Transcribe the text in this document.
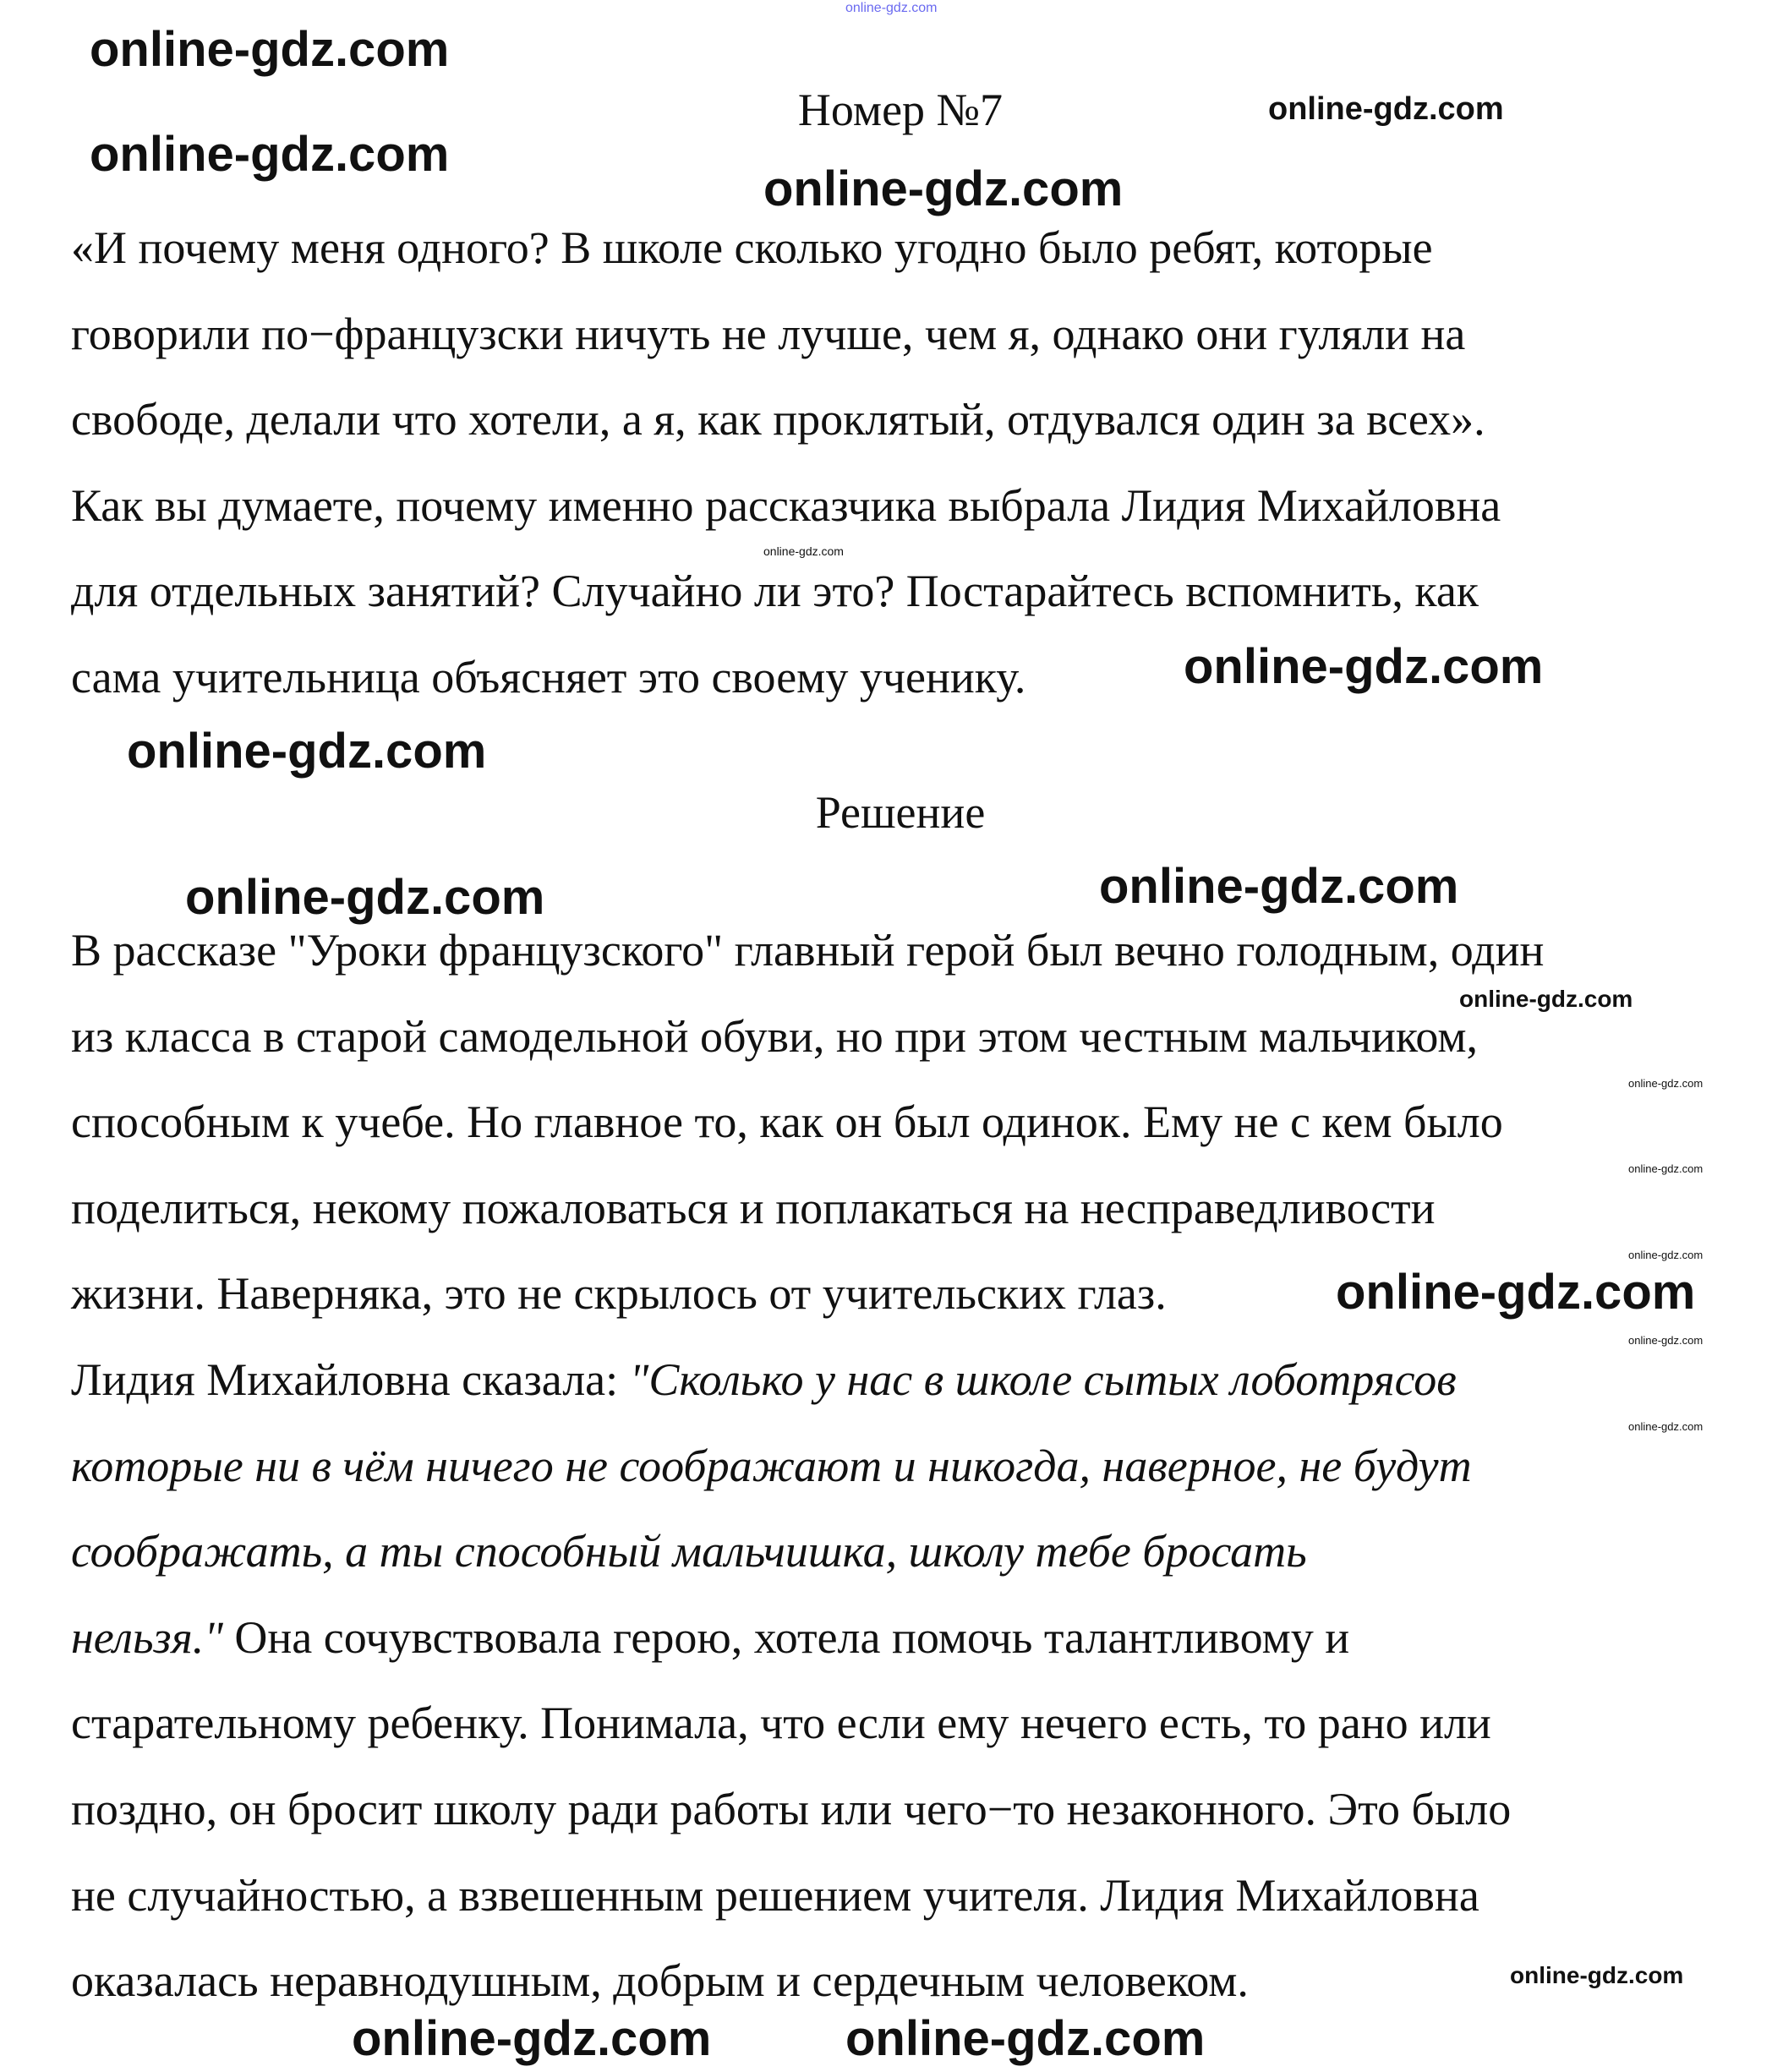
Номер №7
«И почему меня одного? В школе сколько угодно было ребят, которые
говорили по−французски ничуть не лучше, чем я, однако они гуляли на
свободе, делали что хотели, а я, как проклятый, отдувался один за всех».
Как вы думаете, почему именно рассказчика выбрала Лидия Михайловна
для отдельных занятий? Случайно ли это? Постарайтесь вспомнить, как
сама учительница объясняет это своему ученику.
Решение
В рассказе "Уроки французского" главный герой был вечно голодным, один
из класса в старой самодельной обуви, но при этом честным мальчиком,
способным к учебе. Но главное то, как он был одинок. Ему не с кем было
поделиться, некому пожаловаться и поплакаться на несправедливости
жизни. Наверняка, это не скрылось от учительских глаз.
Лидия Михайловна сказала: "Сколько у нас в школе сытых лоботрясов
которые ни в чём ничего не соображают и никогда, наверное, не будут
соображать, а ты способный мальчишка, школу тебе бросать
нельзя." Она сочувствовала герою, хотела помочь талантливому и
старательному ребенку. Понимала, что если ему нечего есть, то рано или
поздно, он бросит школу ради работы или чего−то незаконного. Это было
не случайностью, а взвешенным решением учителя. Лидия Михайловна
оказалась неравнодушным, добрым и сердечным человеком.
online-gdz.com
online-gdz.com
online-gdz.com
online-gdz.com
online-gdz.com
online-gdz.com
online-gdz.com
online-gdz.com
online-gdz.com	online-gdz.com
online-gdz.com
online-gdz.com
online-gdz.com
online-gdz.com
online-gdz.com
online-gdz.com
online-gdz.com
online-gdz.com
online-gdz.com	online-gdz.com
